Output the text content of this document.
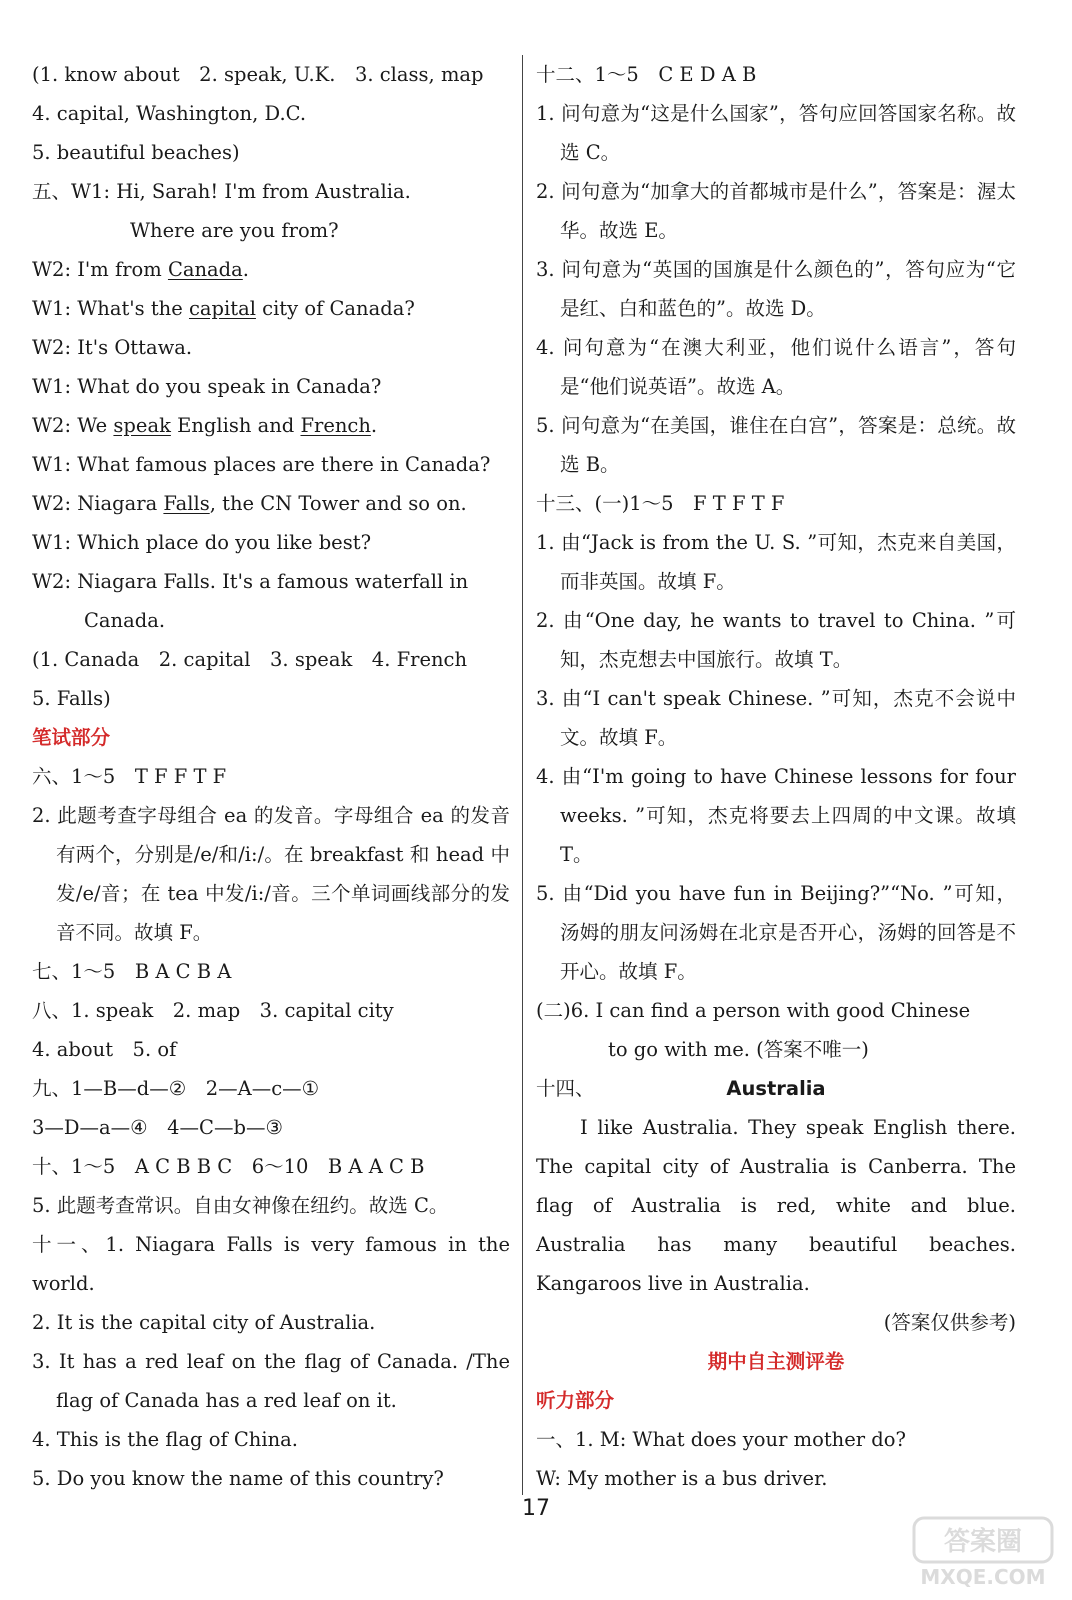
(1. know about　2. speak, U.K.　3. class, map
4. capital, Washington, D.C.
5. beautiful beaches)
五、W1: Hi, Sarah! I'm from Australia.
Where are you from?
W2: I'm from Canada.
W1: What's the capital city of Canada?
W2: It's Ottawa.
W1: What do you speak in Canada?
W2: We speak English and French.
W1: What famous places are there in Canada?
W2: Niagara Falls, the CN Tower and so on.
W1: Which place do you like best?
W2: Niagara Falls. It's a famous waterfall in
Canada.
(1. Canada　2. capital　3. speak　4. French
5. Falls)
笔试部分
六、1～5　T F F T F
2. 此题考查字母组合 ea 的发音。字母组合 ea 的发音有两个，分别是/e/和/i:/。在 breakfast 和 head 中发/e/音；在 tea 中发/i:/音。三个单词画线部分的发音不同。故填 F。
七、1～5　B A C B A
八、1. speak　2. map　3. capital city
4. about　5. of
九、1—B—d—②　2—A—c—①
3—D—a—④　4—C—b—③
十、1～5　A C B B C　6～10　B A A C B
5. 此题考查常识。自由女神像在纽约。故选 C。
十一、1. Niagara Falls is very famous in the world.
2. It is the capital city of Australia.
3. It has a red leaf on the flag of Canada. /The flag of Canada has a red leaf on it.
4. This is the flag of China.
5. Do you know the name of this country?
十二、1～5　C E D A B
1. 问句意为“这是什么国家”，答句应回答国家名称。故选 C。
2. 问句意为“加拿大的首都城市是什么”，答案是：渥太华。故选 E。
3. 问句意为“英国的国旗是什么颜色的”，答句应为“它是红、白和蓝色的”。故选 D。
4. 问句意为“在澳大利亚，他们说什么语言”，答句是“他们说英语”。故选 A。
5. 问句意为“在美国，谁住在白宫”，答案是：总统。故选 B。
十三、(一)1～5　F T F T F
1. 由“Jack is from the U. S. ”可知，杰克来自美国，而非英国。故填 F。
2. 由“One day, he wants to travel to China. ”可知，杰克想去中国旅行。故填 T。
3. 由“I can't speak Chinese. ”可知，杰克不会说中文。故填 F。
4. 由“I'm going to have Chinese lessons for four weeks. ”可知，杰克将要去上四周的中文课。故填 T。
5. 由“Did you have fun in Beijing?”“No. ”可知，汤姆的朋友问汤姆在北京是否开心，汤姆的回答是不开心。故填 F。
(二)6. I can find a person with good Chinese
to go with me. (答案不唯一)
十四、	Australia
I like Australia. They speak English there. The capital city of Australia is Canberra. The flag of Australia is red, white and blue. Australia has many beautiful beaches. Kangaroos live in Australia.
(答案仅供参考)
期中自主测评卷
听力部分
一、1. M: What does your mother do?
W: My mother is a bus driver.
17
答案圈
MXQE.COM
